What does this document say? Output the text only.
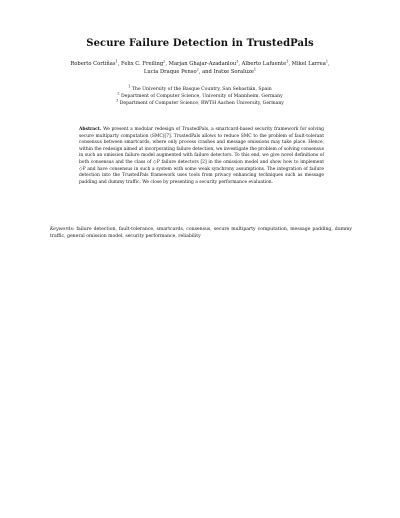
Secure Failure Detection in TrustedPals
Roberto Cortiñas$^1$, Felix C. Freiling$^2$, Marjan Ghajar-Azadanlou$^3$, Alberto Lafuente$^1$, Mikel Larrea$^1$,
Lucia Draque Penso$^2$, and Iratxe Soraluze$^1$
$^1$ The University of the Basque Country, San Sebastián, Spain
$^2$ Department of Computer Science, University of Mannheim, Germany
$^3$ Department of Computer Science, RWTH Aachen University, Germany
Abstract. We present a modular redesign of TrustedPals, a smartcard-based security framework for solving secure multiparty computation (SMC)[7]. TrustedPals allows to reduce SMC to the problem of fault-tolerant consensus between smartcards, where only process crashes and message omissions may take place. Hence, within the redesign aimed at incorporating failure detection, we investigate the problem of solving consensus in such an omission failure model augmented with failure detectors. To this end, we give novel definitions of both consensus and the class of ◇P failure detectors [2] in the omission model and show how to implement ◇P and have consensus in such a system with some weak synchrony assumptions. The integration of failure detection into the TrustedPals framework uses tools from privacy enhancing techniques such as message padding and dummy traffic. We close by presenting a security performance evaluation.
Keywords: failure detection, fault-tolerance, smartcards, consensus, secure multiparty computation, message padding, dummy traffic, general omission model, security performance, reliability
